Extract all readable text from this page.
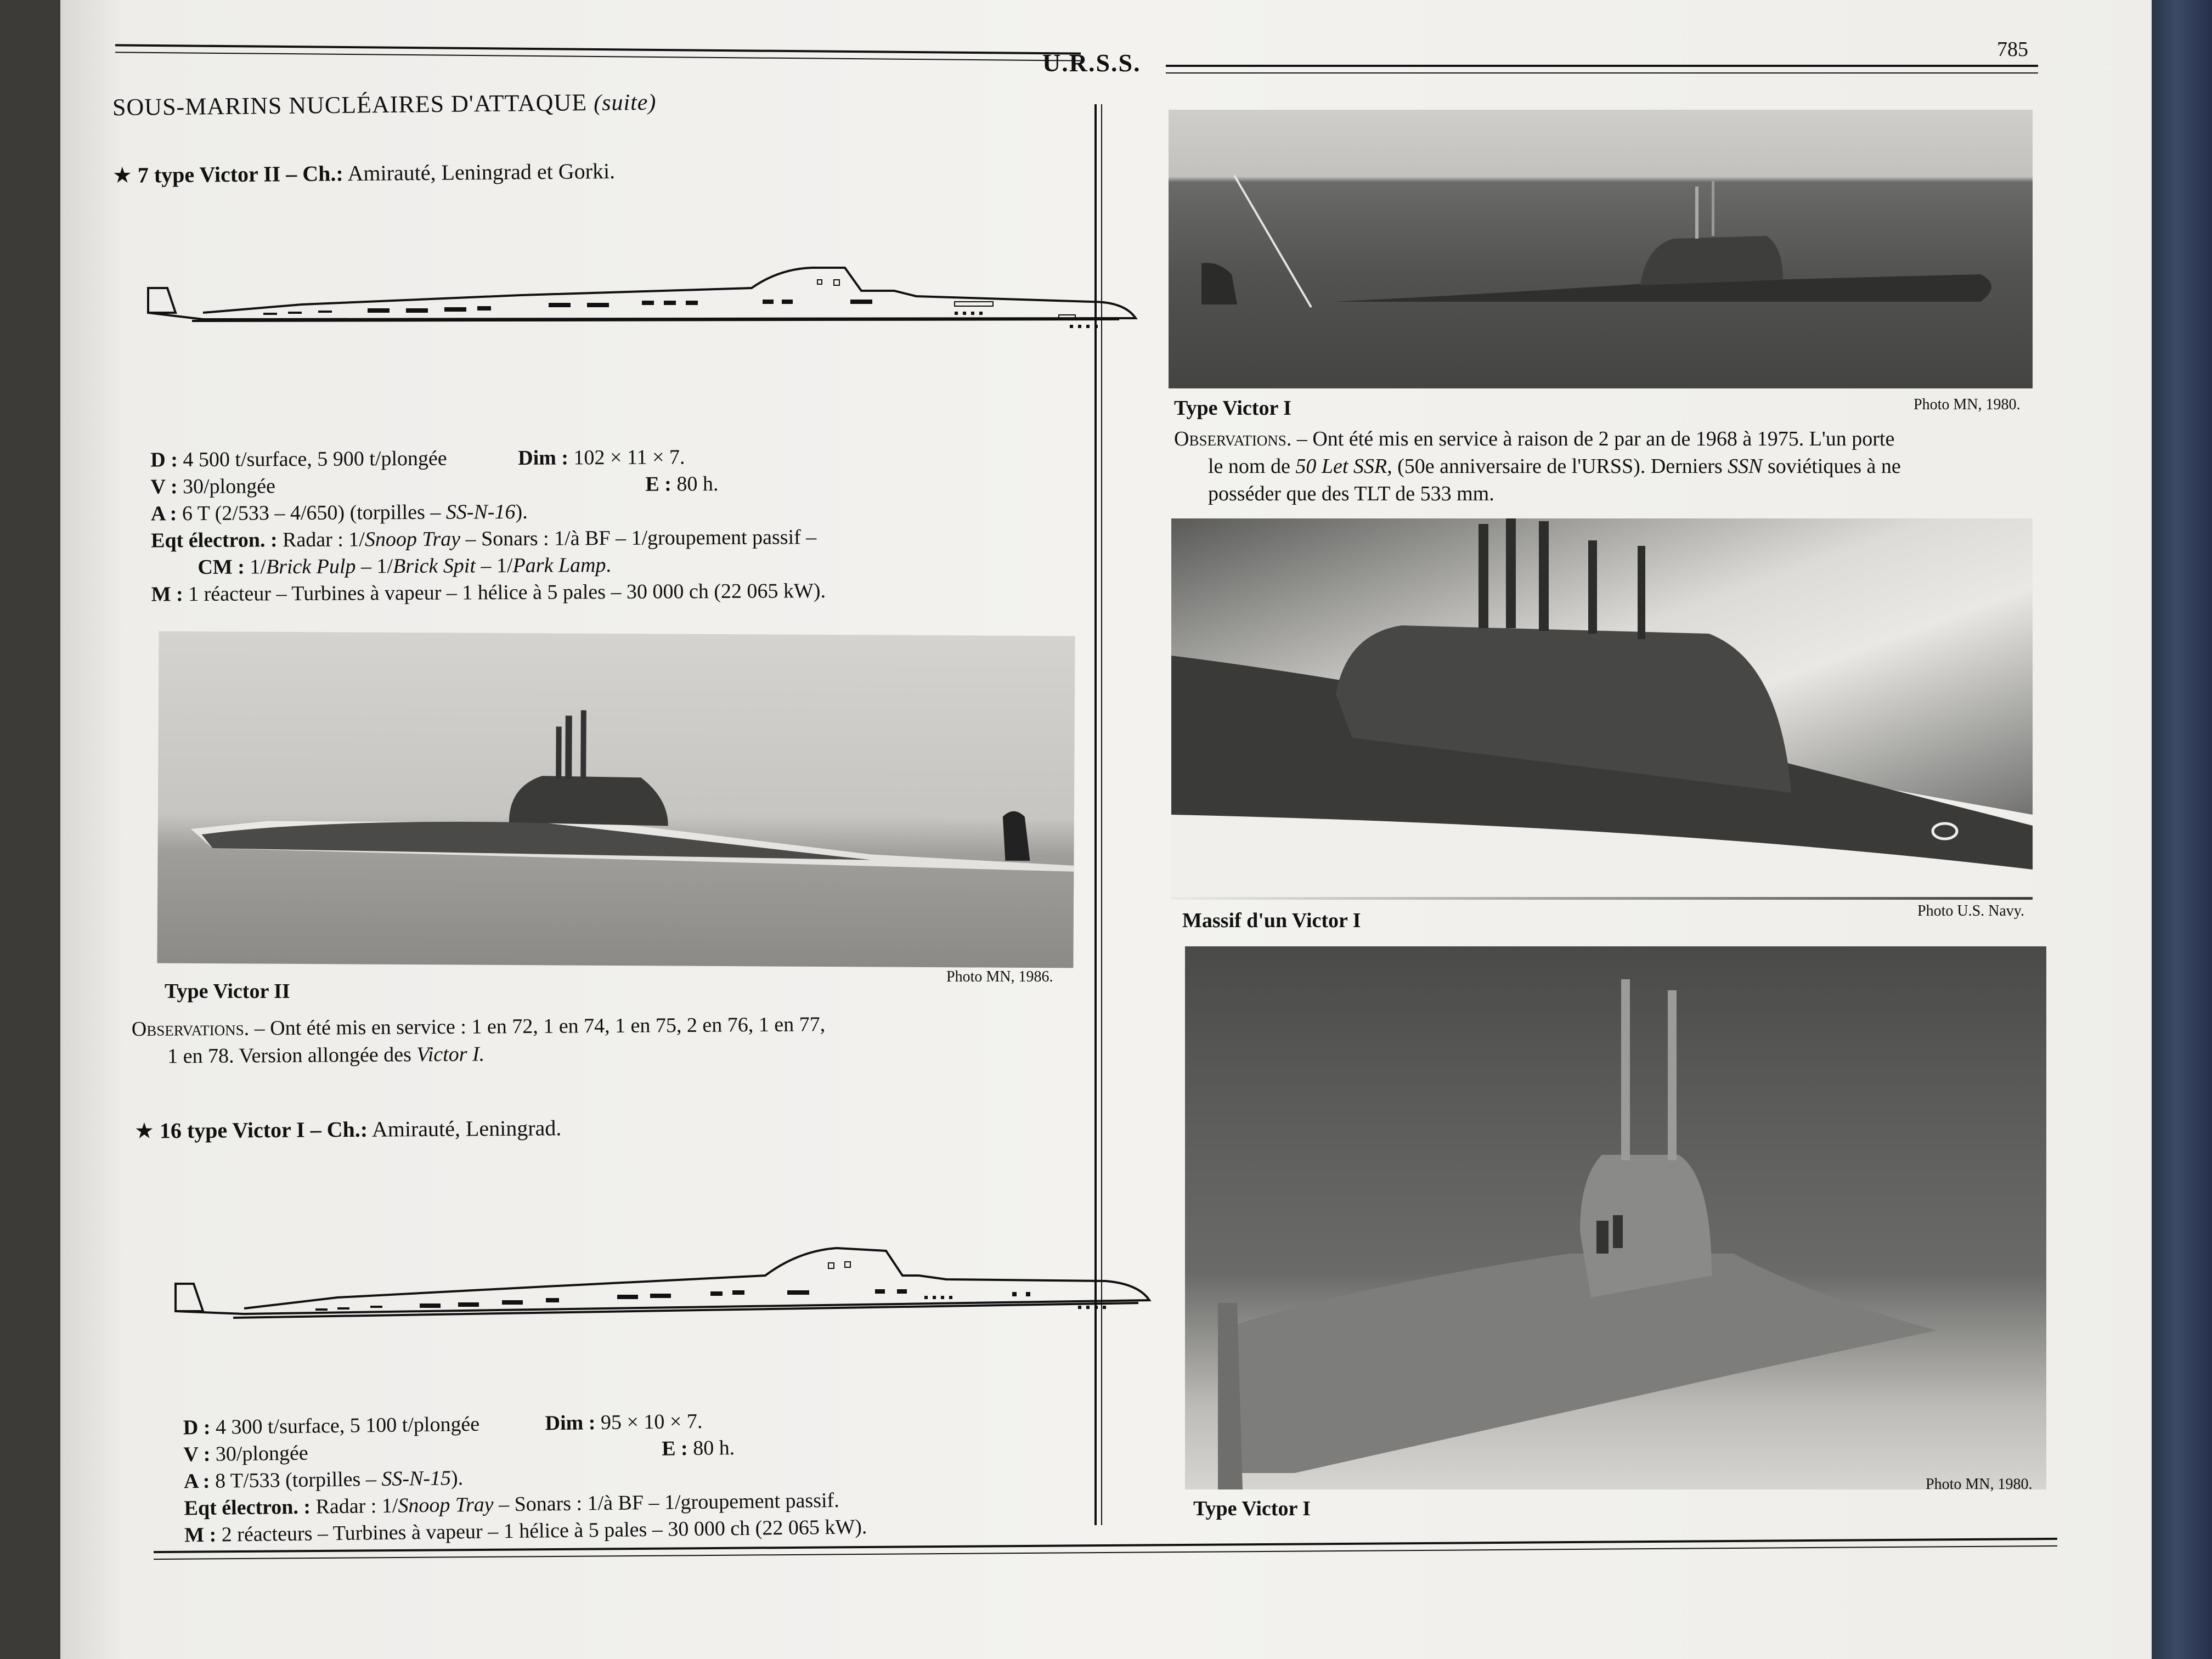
U.R.S.S.	785
SOUS-MARINS NUCLÉAIRES D'ATTAQUE (suite)
★ 7 type Victor II – Ch.: Amirauté, Leningrad et Gorki.
D : 4 500 t/surface, 5 900 t/plongée	Dim : 102 × 11 × 7.
V : 30/plongée	E : 80 h.
A : 6 T (2/533 – 4/650) (torpilles – SS-N-16).
Eqt électron. : Radar : 1/Snoop Tray – Sonars : 1/à BF – 1/groupement passif –
CM : 1/Brick Pulp – 1/Brick Spit – 1/Park Lamp.
M : 1 réacteur – Turbines à vapeur – 1 hélice à 5 pales – 30 000 ch (22 065 kW).
Type Victor II
Photo MN, 1986.
Observations. – Ont été mis en service : 1 en 72, 1 en 74, 1 en 75, 2 en 76, 1 en 77,
1 en 78. Version allongée des Victor I.
★ 16 type Victor I – Ch.: Amirauté, Leningrad.
D : 4 300 t/surface, 5 100 t/plongée	Dim : 95 × 10 × 7.
V : 30/plongée	E : 80 h.
A : 8 T/533 (torpilles – SS-N-15).
Eqt électron. : Radar : 1/Snoop Tray – Sonars : 1/à BF – 1/groupement passif.
M : 2 réacteurs – Turbines à vapeur – 1 hélice à 5 pales – 30 000 ch (22 065 kW).
Type Victor I	Photo MN, 1980.
Observations. – Ont été mis en service à raison de 2 par an de 1968 à 1975. L'un porte
le nom de 50 Let SSR, (50e anniversaire de l'URSS). Derniers SSN soviétiques à ne
posséder que des TLT de 533 mm.
Massif d'un Victor I	Photo U.S. Navy.
Type Victor I
Photo MN, 1980.
